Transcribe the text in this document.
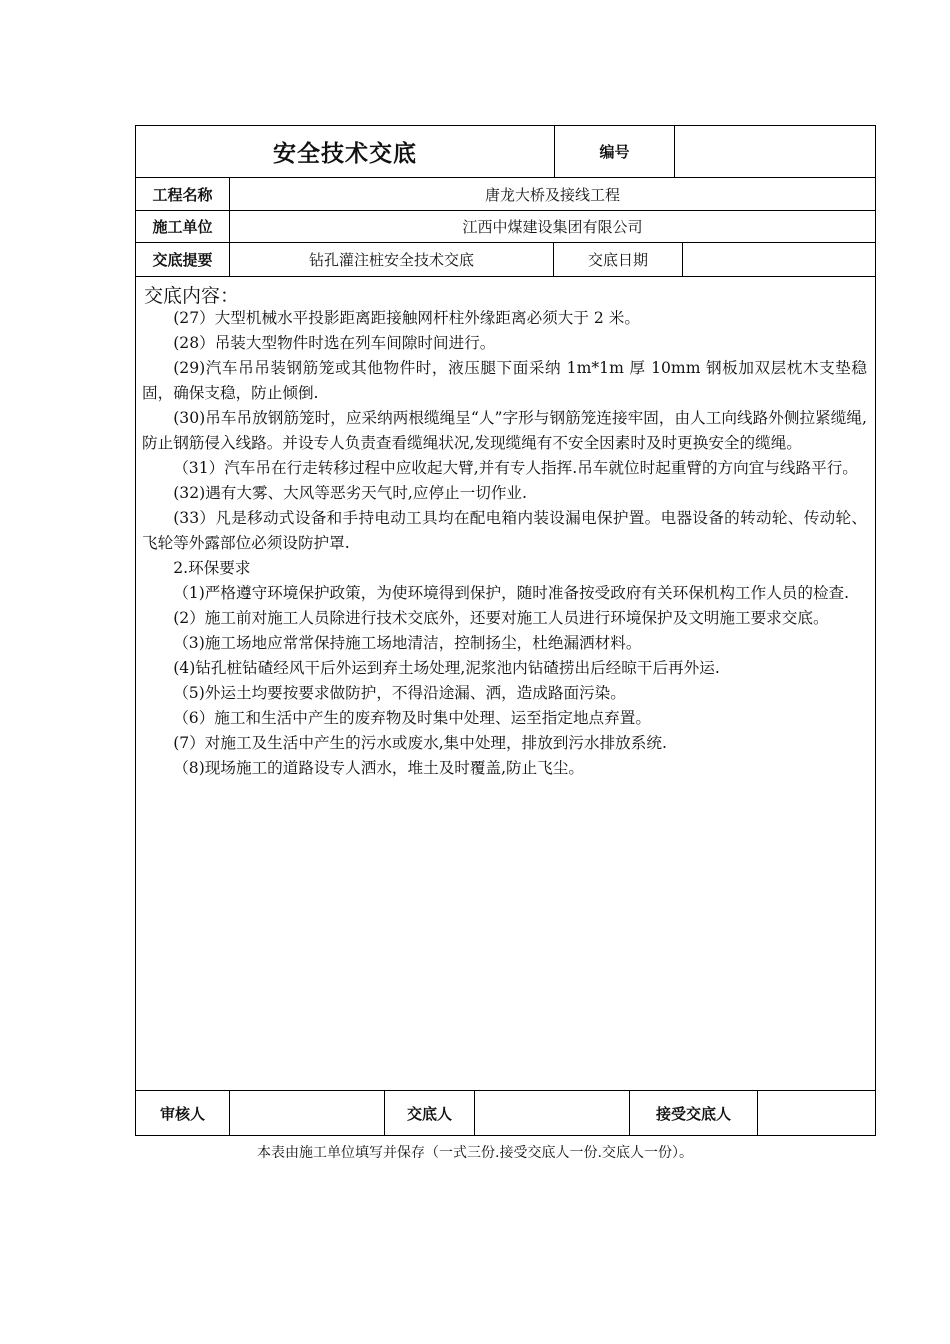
安全技术交底	编号
工程名称	唐龙大桥及接线工程
施工单位	江西中煤建设集团有限公司
交底提要	钻孔灌注桩安全技术交底	交底日期
交底内容：

(27）大型机械水平投影距离距接触网杆柱外缘距离必须大于 2 米。

(28）吊装大型物件时选在列车间隙时间进行。

(29)汽车吊吊装钢筋笼或其他物件时，液压腿下面采纳 1m*1m 厚 10mm 钢板加双层枕木支垫稳固，确保支稳，防止倾倒.

(30)吊车吊放钢筋笼时，应采纳两根缆绳呈“人”字形与钢筋笼连接牢固，由人工向线路外侧拉紧缆绳,防止钢筋侵入线路。并设专人负责查看缆绳状况,发现缆绳有不安全因素时及时更换安全的缆绳。

（31）汽车吊在行走转移过程中应收起大臂,并有专人指挥.吊车就位时起重臂的方向宜与线路平行。

(32)遇有大雾、大风等恶劣天气时,应停止一切作业.

(33）凡是移动式设备和手持电动工具均在配电箱内装设漏电保护置。电器设备的转动轮、传动轮、飞轮等外露部位必须设防护罩.

2.环保要求

（1)严格遵守环境保护政策，为使环境得到保护，随时准备按受政府有关环保机构工作人员的检查.

(2）施工前对施工人员除进行技术交底外，还要对施工人员进行环境保护及文明施工要求交底。

（3)施工场地应常常保持施工场地清洁，控制扬尘，杜绝漏洒材料。

(4)钻孔桩钻碴经风干后外运到弃土场处理,泥浆池内钻碴捞出后经晾干后再外运.

（5)外运土均要按要求做防护，不得沿途漏、洒，造成路面污染。

（6）施工和生活中产生的废弃物及时集中处理、运至指定地点弃置。

(7）对施工及生活中产生的污水或废水,集中处理，排放到污水排放系统.

（8)现场施工的道路设专人洒水，堆土及时覆盖,防止飞尘。

审核人	交底人	接受交底人
本表由施工单位填写并保存（一式三份.接受交底人一份.交底人一份）。
